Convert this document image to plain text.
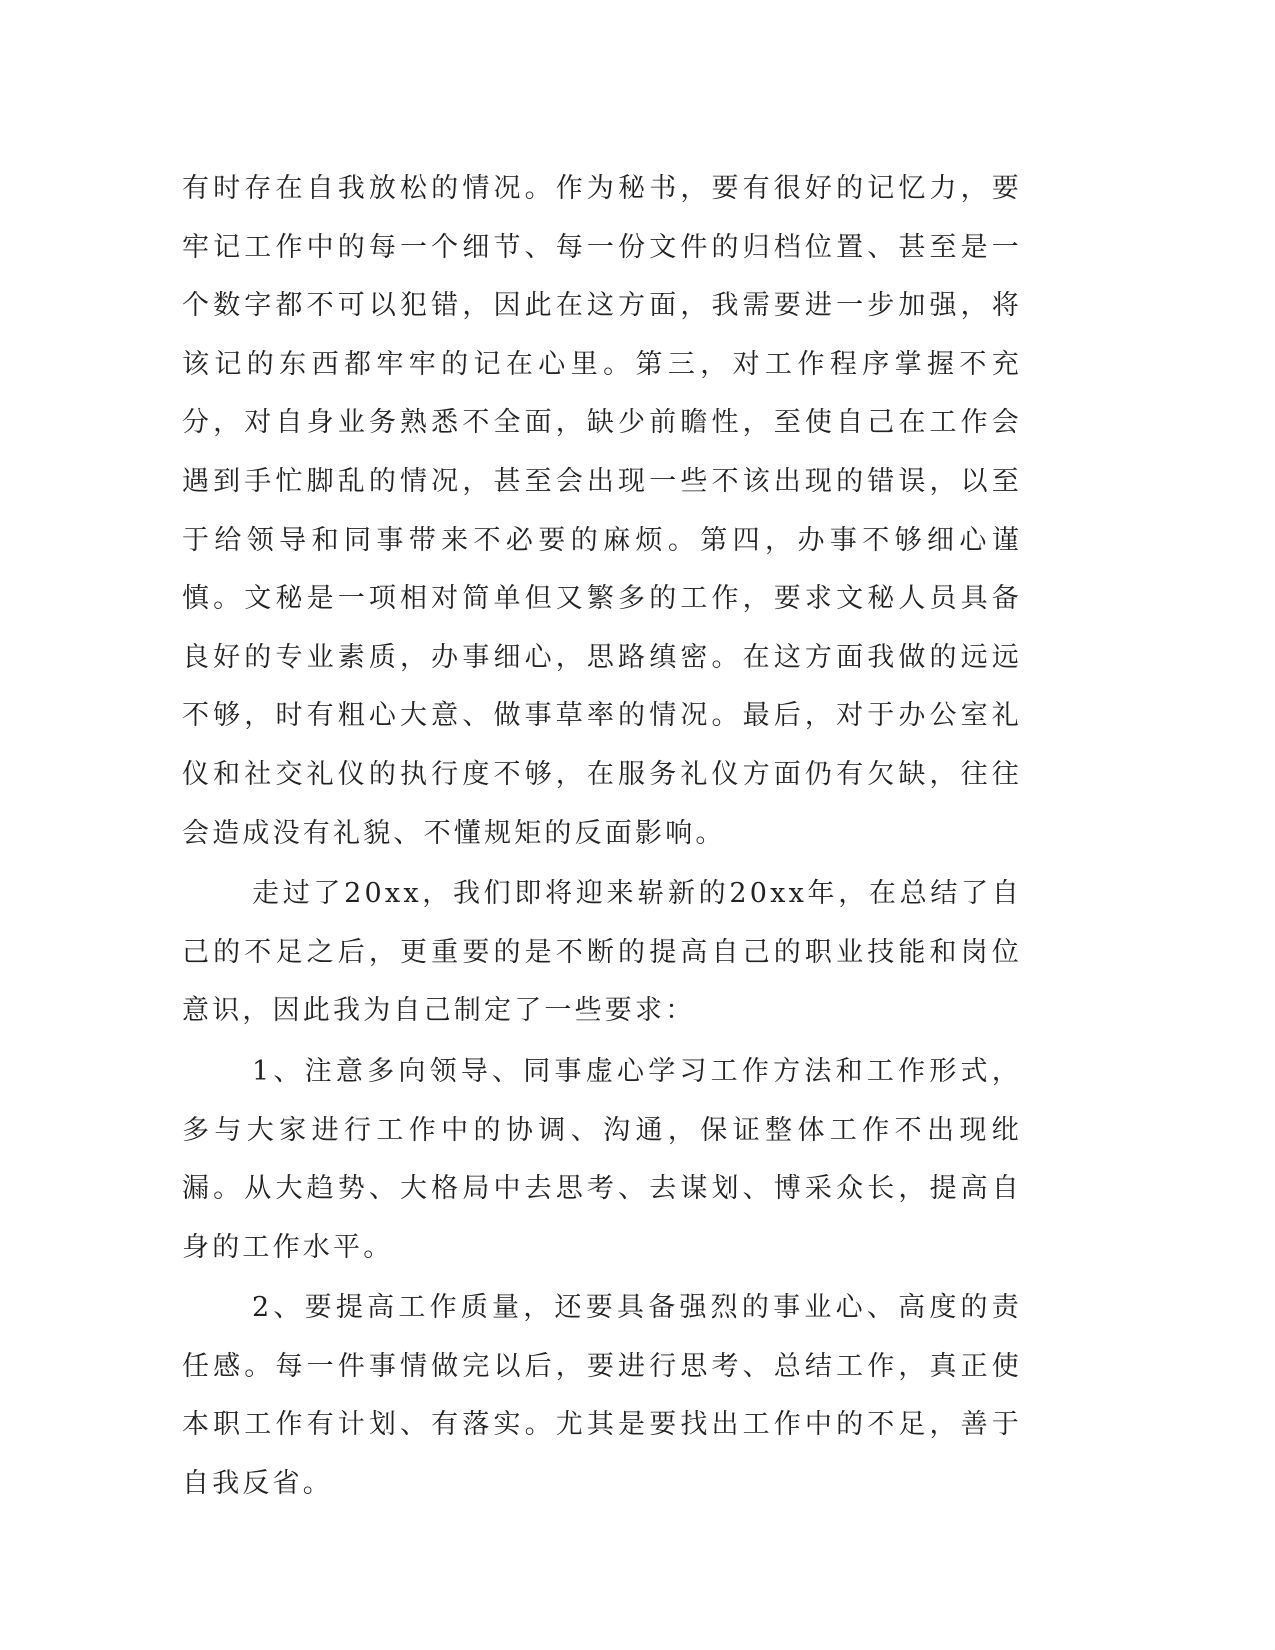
有时存在自我放松的情况。作为秘书，要有很好的记忆力，要牢记工作中的每一个细节、每一份文件的归档位置、甚至是一个数字都不可以犯错，因此在这方面，我需要进一步加强，将该记的东西都牢牢的记在心里。第三，对工作程序掌握不充分，对自身业务熟悉不全面，缺少前瞻性，至使自己在工作会遇到手忙脚乱的情况，甚至会出现一些不该出现的错误，以至于给领导和同事带来不必要的麻烦。第四，办事不够细心谨慎。文秘是一项相对简单但又繁多的工作，要求文秘人员具备良好的专业素质，办事细心，思路缜密。在这方面我做的远远不够，时有粗心大意、做事草率的情况。最后，对于办公室礼仪和社交礼仪的执行度不够，在服务礼仪方面仍有欠缺，往往会造成没有礼貌、不懂规矩的反面影响。

走过了20xx，我们即将迎来崭新的20xx年，在总结了自己的不足之后，更重要的是不断的提高自己的职业技能和岗位意识，因此我为自己制定了一些要求：

1、注意多向领导、同事虚心学习工作方法和工作形式，多与大家进行工作中的协调、沟通，保证整体工作不出现纰漏。从大趋势、大格局中去思考、去谋划、博采众长，提高自身的工作水平。

2、要提高工作质量，还要具备强烈的事业心、高度的责任感。每一件事情做完以后，要进行思考、总结工作，真正使本职工作有计划、有落实。尤其是要找出工作中的不足，善于自我反省。
